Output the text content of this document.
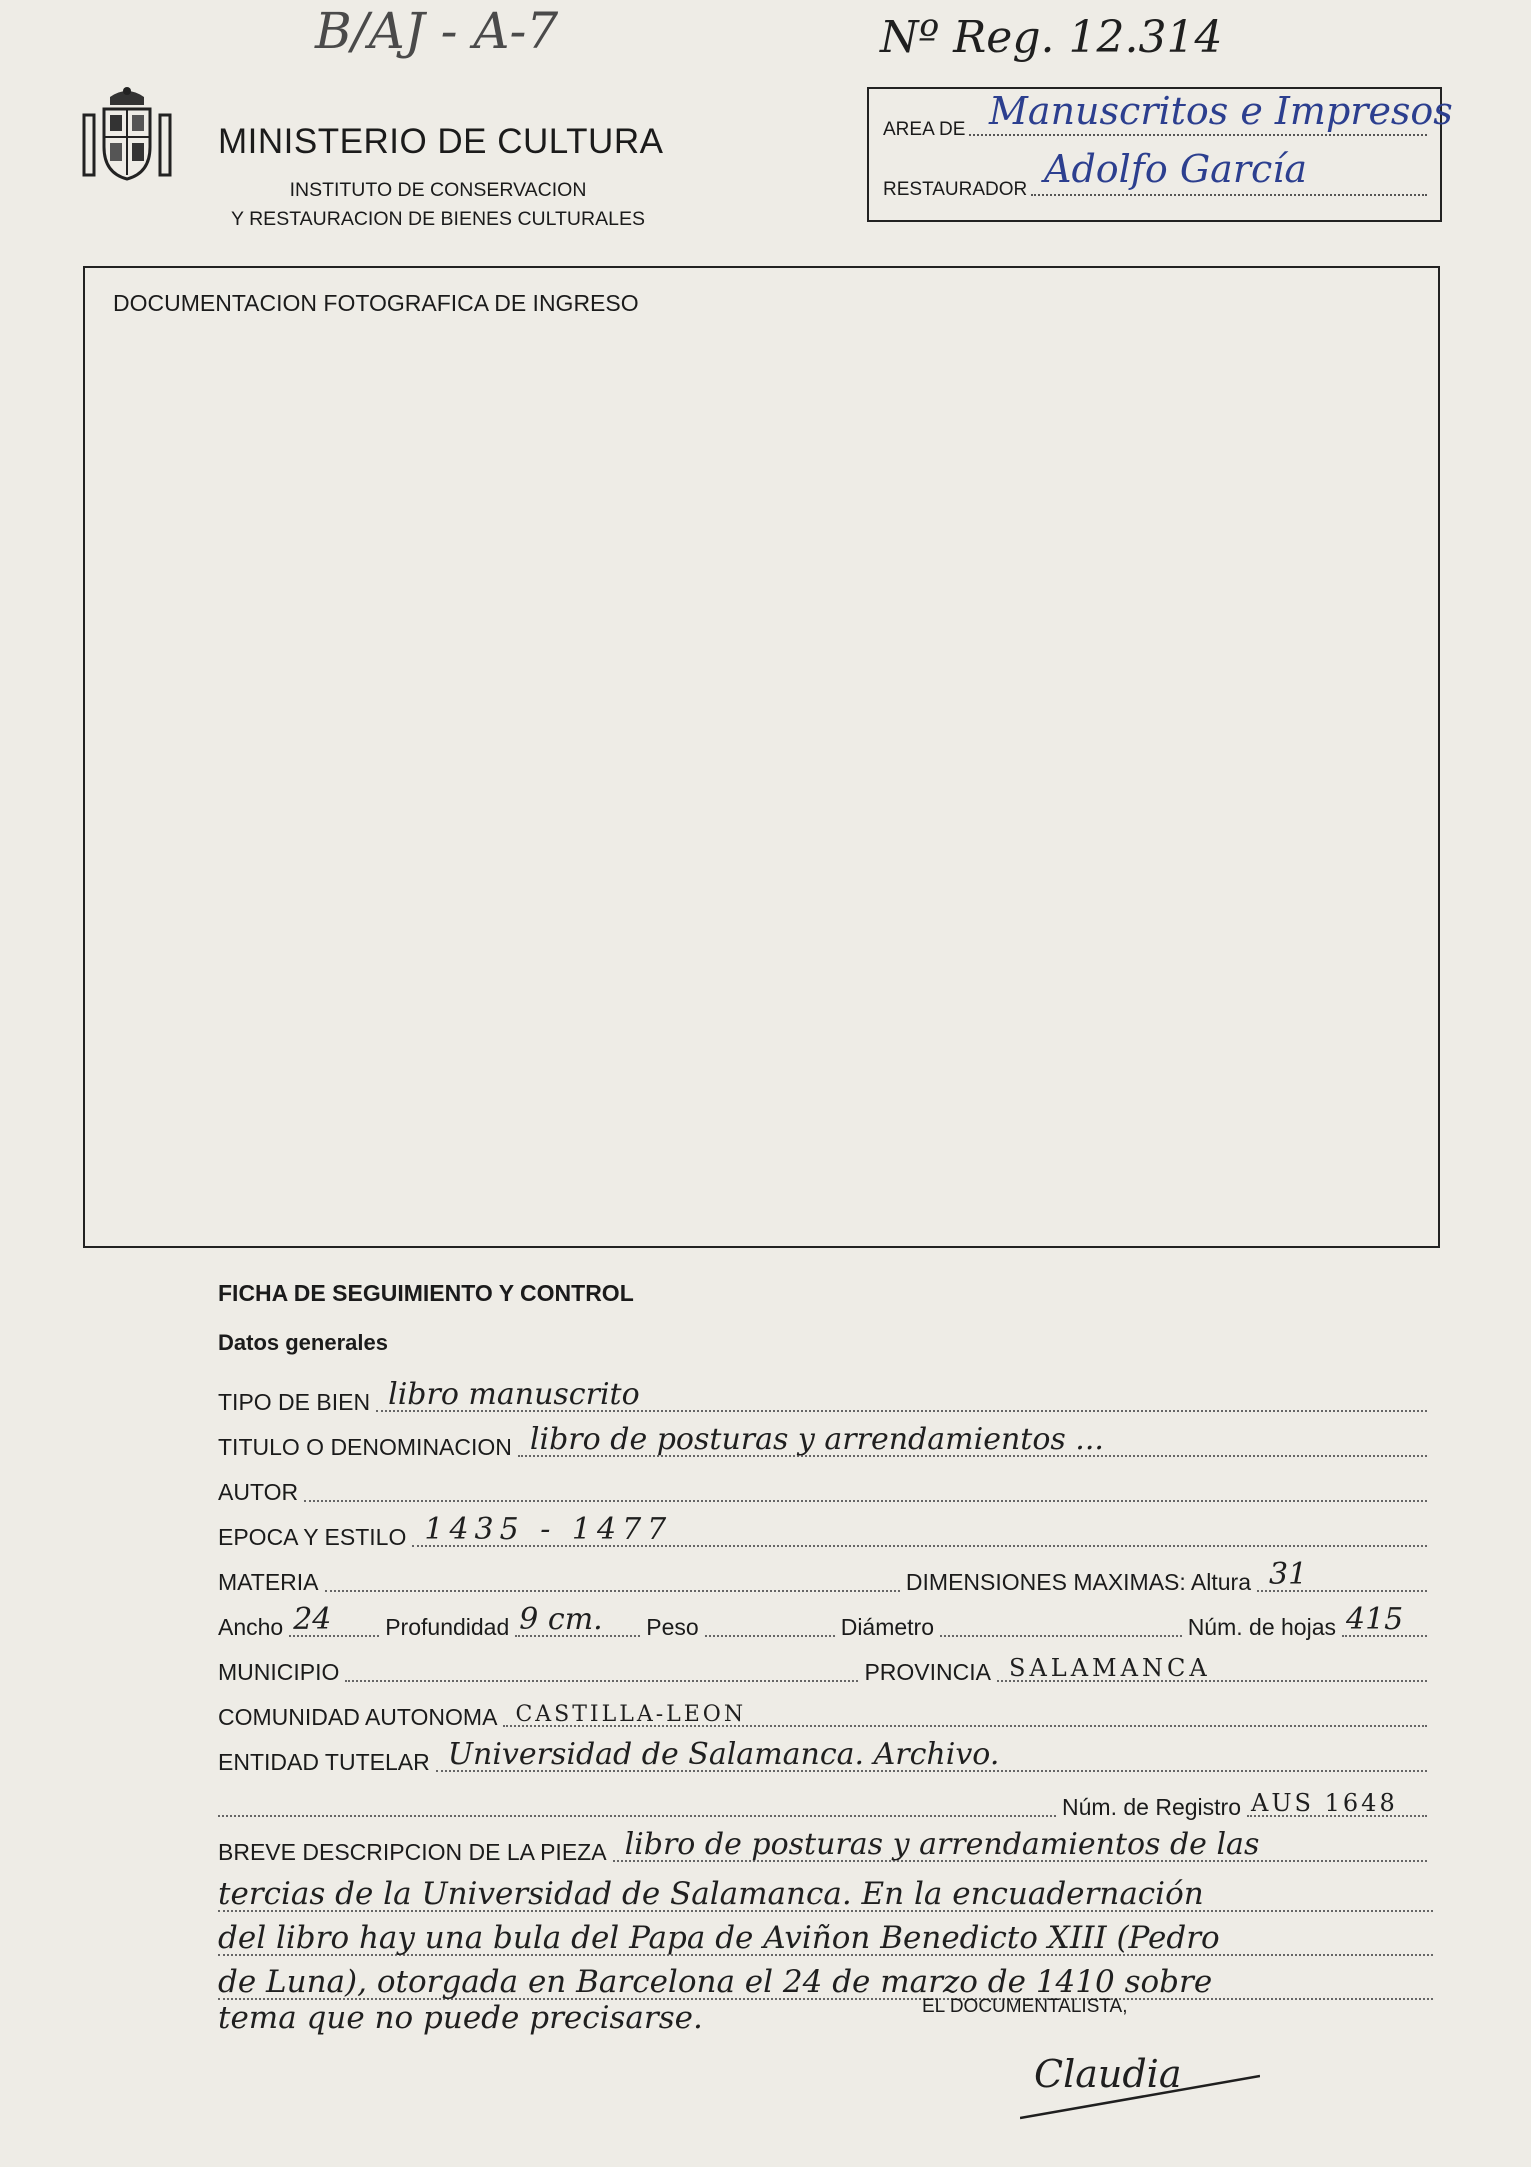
B/AJ - A-7	Nº Reg. 12.314
MINISTERIO DE CULTURA
INSTITUTO DE CONSERVACION
Y RESTAURACION DE BIENES CULTURALES
AREA DE Manuscritos e Impresos
RESTAURADOR Adolfo García
DOCUMENTACION FOTOGRAFICA DE INGRESO
FICHA DE SEGUIMIENTO Y CONTROL
Datos generales
TIPO DE BIEN libro manuscrito
TITULO O DENOMINACION libro de posturas y arrendamientos ...
AUTOR
EPOCA Y ESTILO 1435 - 1477
MATERIA	DIMENSIONES MAXIMAS: Altura 31
Ancho 24 Profundidad 9 cm. Peso	Diámetro	Núm. de hojas 415
MUNICIPIO	PROVINCIA SALAMANCA
COMUNIDAD AUTONOMA CASTILLA-LEON
ENTIDAD TUTELAR Universidad de Salamanca. Archivo.
Núm. de Registro AUS 1648
BREVE DESCRIPCION DE LA PIEZA libro de posturas y arrendamientos de las
tercias de la Universidad de Salamanca. En la encuadernación
del libro hay una bula del Papa de Aviñon Benedicto XIII (Pedro
de Luna), otorgada en Barcelona el 24 de marzo de 1410 sobre
tema que no puede precisarse.	EL DOCUMENTALISTA,
Claudia
